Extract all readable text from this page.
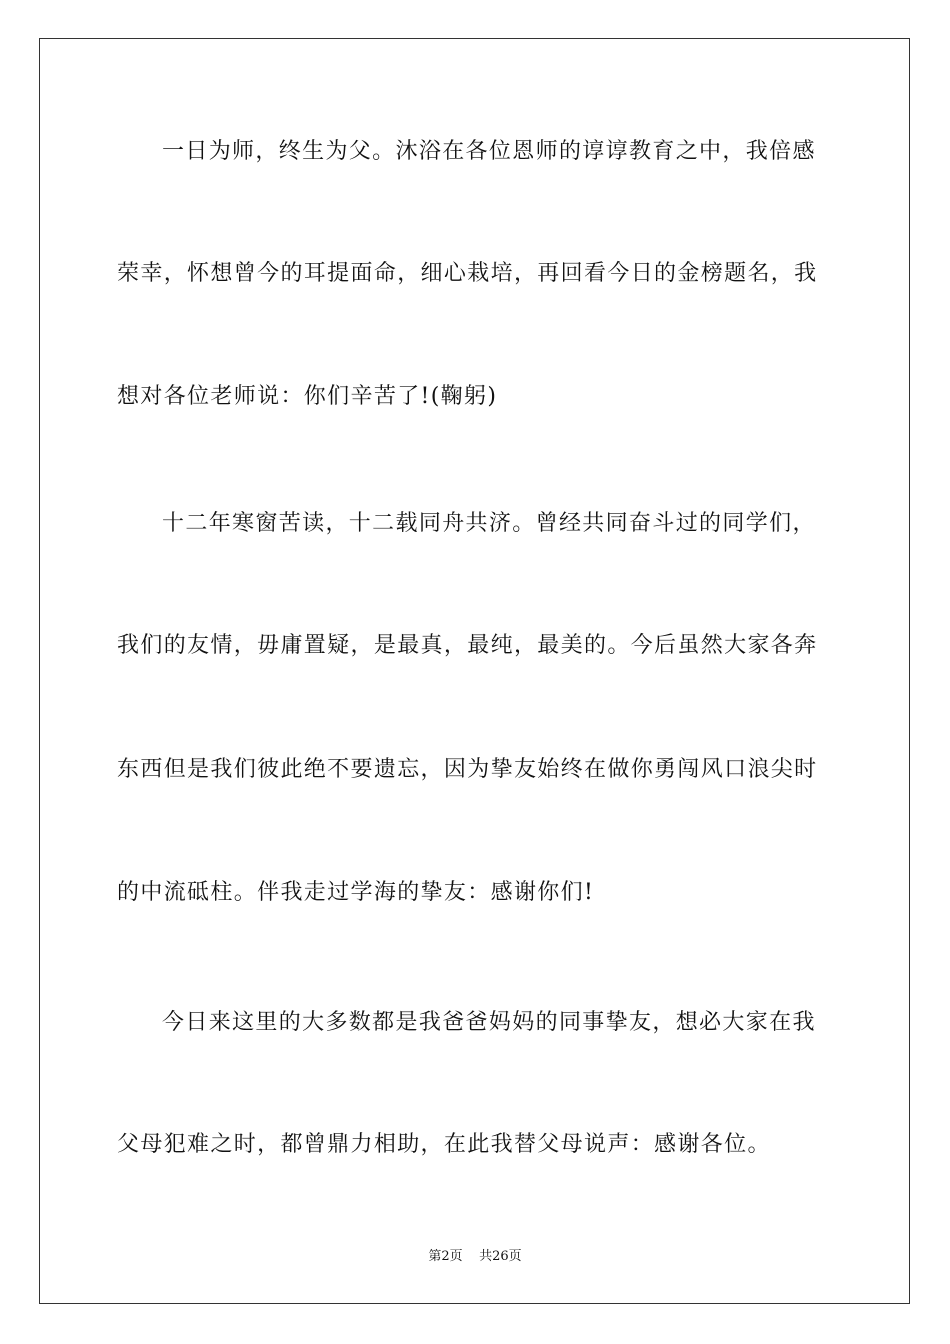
一日为师，终生为父。沐浴在各位恩师的谆谆教育之中，我倍感
荣幸，怀想曾今的耳提面命，细心栽培，再回看今日的金榜题名，我
想对各位老师说：你们辛苦了!(鞠躬)
十二年寒窗苦读，十二载同舟共济。曾经共同奋斗过的同学们，
我们的友情，毋庸置疑，是最真，最纯，最美的。今后虽然大家各奔
东西但是我们彼此绝不要遗忘，因为挚友始终在做你勇闯风口浪尖时
的中流砥柱。伴我走过学海的挚友：感谢你们!
今日来这里的大多数都是我爸爸妈妈的同事挚友，想必大家在我
父母犯难之时，都曾鼎力相助，在此我替父母说声：感谢各位。
第2页 共26页
